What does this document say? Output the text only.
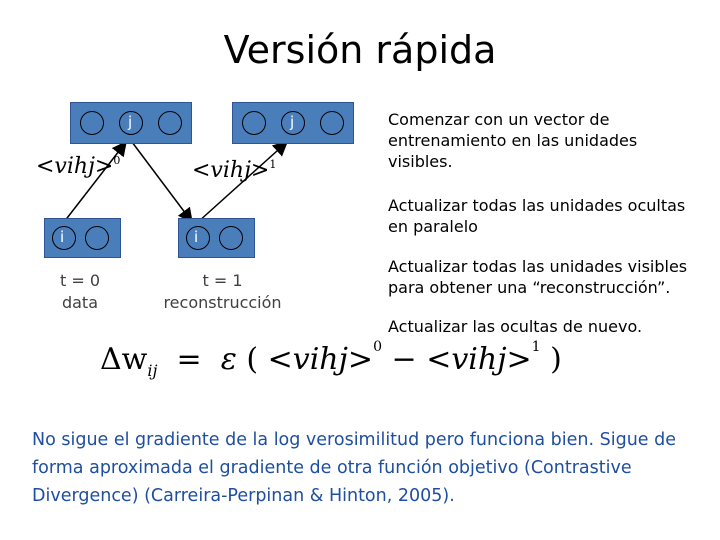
Versión rápida
j	j
i	i
<vihj>$^0$	<vihj>$^1$
t = 0
data
t = 1
reconstrucción
Comenzar con un vector de entrenamiento en las unidades visibles.
Actualizar todas las unidades ocultas en paralelo
Actualizar todas las unidades visibles para obtener una “reconstrucción”.
Actualizar las ocultas de nuevo.
$\Delta w_{ij} = \varepsilon$ ( <vihj>$^0$ − <vihj>$^1$ )
No sigue el gradiente de la log verosimilitud pero funciona bien. Sigue de forma aproximada el gradiente de otra función objetivo (Contrastive Divergence) (Carreira-Perpinan & Hinton, 2005).
